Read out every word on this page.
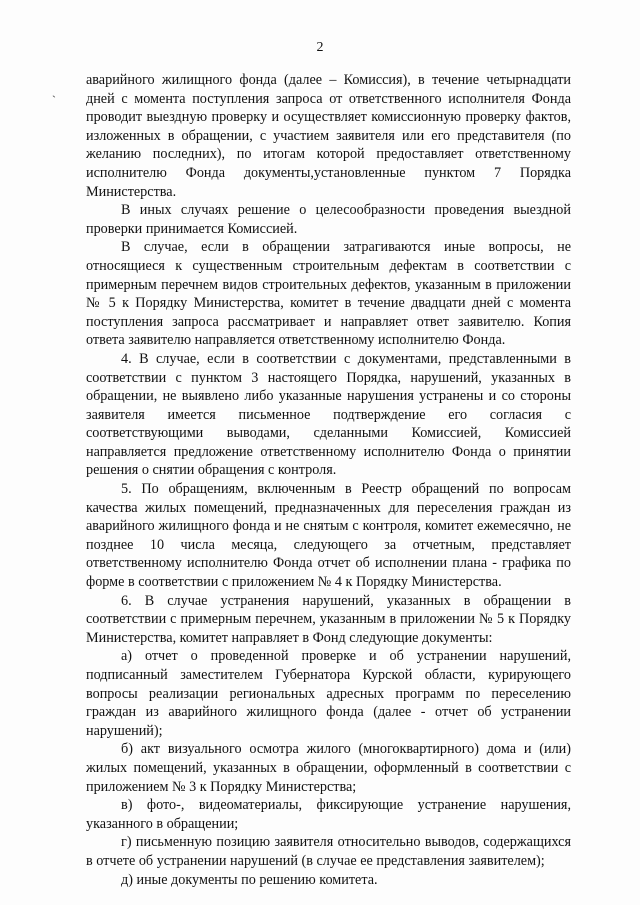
2
ˎ

аварийного жилищного фонда (далее – Комиссия), в течение четырнадцати дней с момента поступления запроса от ответственного исполнителя Фонда проводит выездную проверку и осуществляет комиссионную проверку фактов, изложенных в обращении, с участием заявителя или его представителя (по желанию последних), по итогам которой предоставляет ответственному исполнителю Фонда документы,установленные пунктом 7 Порядка Министерства.

В иных случаях решение о целесообразности проведения выездной проверки принимается Комиссией.

В случае, если в обращении затрагиваются иные вопросы, не относящиеся к существенным строительным дефектам в соответствии с примерным перечнем видов строительных дефектов, указанным в приложении № 5 к Порядку Министерства, комитет в течение двадцати дней с момента поступления запроса рассматривает и направляет ответ заявителю. Копия ответа заявителю направляется ответственному исполнителю Фонда.

4. В случае, если в соответствии с документами, представленными в соответствии с пунктом 3 настоящего Порядка, нарушений, указанных в обращении, не выявлено либо указанные нарушения устранены и со стороны заявителя имеется письменное подтверждение его согласия с соответствующими выводами, сделанными Комиссией, Комиссией направляется предложение ответственному исполнителю Фонда о принятии решения о снятии обращения с контроля.

5. По обращениям, включенным в Реестр обращений по вопросам качества жилых помещений, предназначенных для переселения граждан из аварийного жилищного фонда и не снятым с контроля, комитет ежемесячно, не позднее 10 числа месяца, следующего за отчетным, представляет ответственному исполнителю Фонда отчет об исполнении плана - графика по форме в соответствии с приложением № 4 к Порядку Министерства.

6. В случае устранения нарушений, указанных в обращении в соответствии с примерным перечнем, указанным в приложении № 5 к Порядку Министерства, комитет направляет в Фонд следующие документы:

а) отчет о проведенной проверке и об устранении нарушений, подписанный заместителем Губернатора Курской области, курирующего вопросы реализации региональных адресных программ по переселению граждан из аварийного жилищного фонда (далее - отчет об устранении нарушений);

б) акт визуального осмотра жилого (многоквартирного) дома и (или) жилых помещений, указанных в обращении, оформленный в соответствии с приложением № 3 к Порядку Министерства;

в) фото-, видеоматериалы, фиксирующие устранение нарушения, указанного в обращении;

г) письменную позицию заявителя относительно выводов, содержащихся в отчете об устранении нарушений (в случае ее представления заявителем);

д) иные документы по решению комитета.
